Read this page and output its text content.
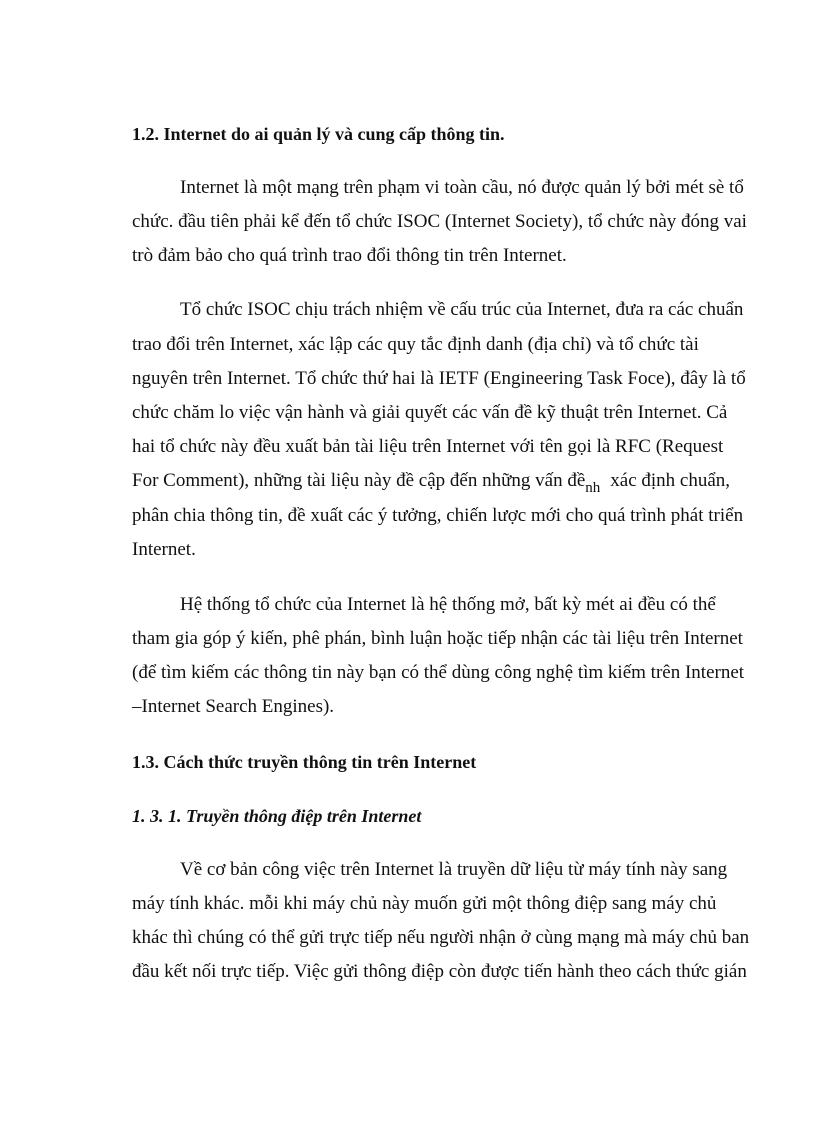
1.2. Internet do ai quản lý và cung cấp thông tin.
Internet là một mạng trên phạm vi toàn cầu, nó được quản lý bởi mét sè tổ
chức. đầu tiên phải kể đến tổ chức ISOC (Internet Society), tổ chức này đóng vai
trò đảm bảo cho quá trình trao đổi thông tin trên Internet.
Tổ chức ISOC chịu trách nhiệm về cấu trúc của Internet, đưa ra các chuẩn
trao đổi trên Internet, xác lập các quy tắc định danh (địa chỉ) và tổ chức tài
nguyên trên Internet. Tổ chức thứ hai là IETF (Engineering Task Foce), đây là tổ
chức chăm lo việc vận hành và giải quyết các vấn đề kỹ thuật trên Internet. Cả
hai tổ chức này đều xuất bản tài liệu trên Internet với tên gọi là RFC (Request
For Comment), những tài liệu này đề cập đến những vấn đề$_{nh}$ xác định chuẩn,
phân chia thông tin, đề xuất các ý tưởng, chiến lược mới cho quá trình phát triển
Internet.
Hệ thống tổ chức của Internet là hệ thống mở, bất kỳ mét ai đều có thể
tham gia góp ý kiến, phê phán, bình luận hoặc tiếp nhận các tài liệu trên Internet
(để tìm kiếm các thông tin này bạn có thể dùng công nghệ tìm kiếm trên Internet
–Internet Search Engines).
1.3. Cách thức truyền thông tin trên Internet
1. 3. 1. Truyền thông điệp trên Internet
Về cơ bản công việc trên Internet là truyền dữ liệu từ máy tính này sang
máy tính khác. mỗi khi máy chủ này muốn gửi một thông điệp sang máy chủ
khác thì chúng có thể gửi trực tiếp nếu người nhận ở cùng mạng mà máy chủ ban
đầu kết nối trực tiếp. Việc gửi thông điệp còn được tiến hành theo cách thức gián
